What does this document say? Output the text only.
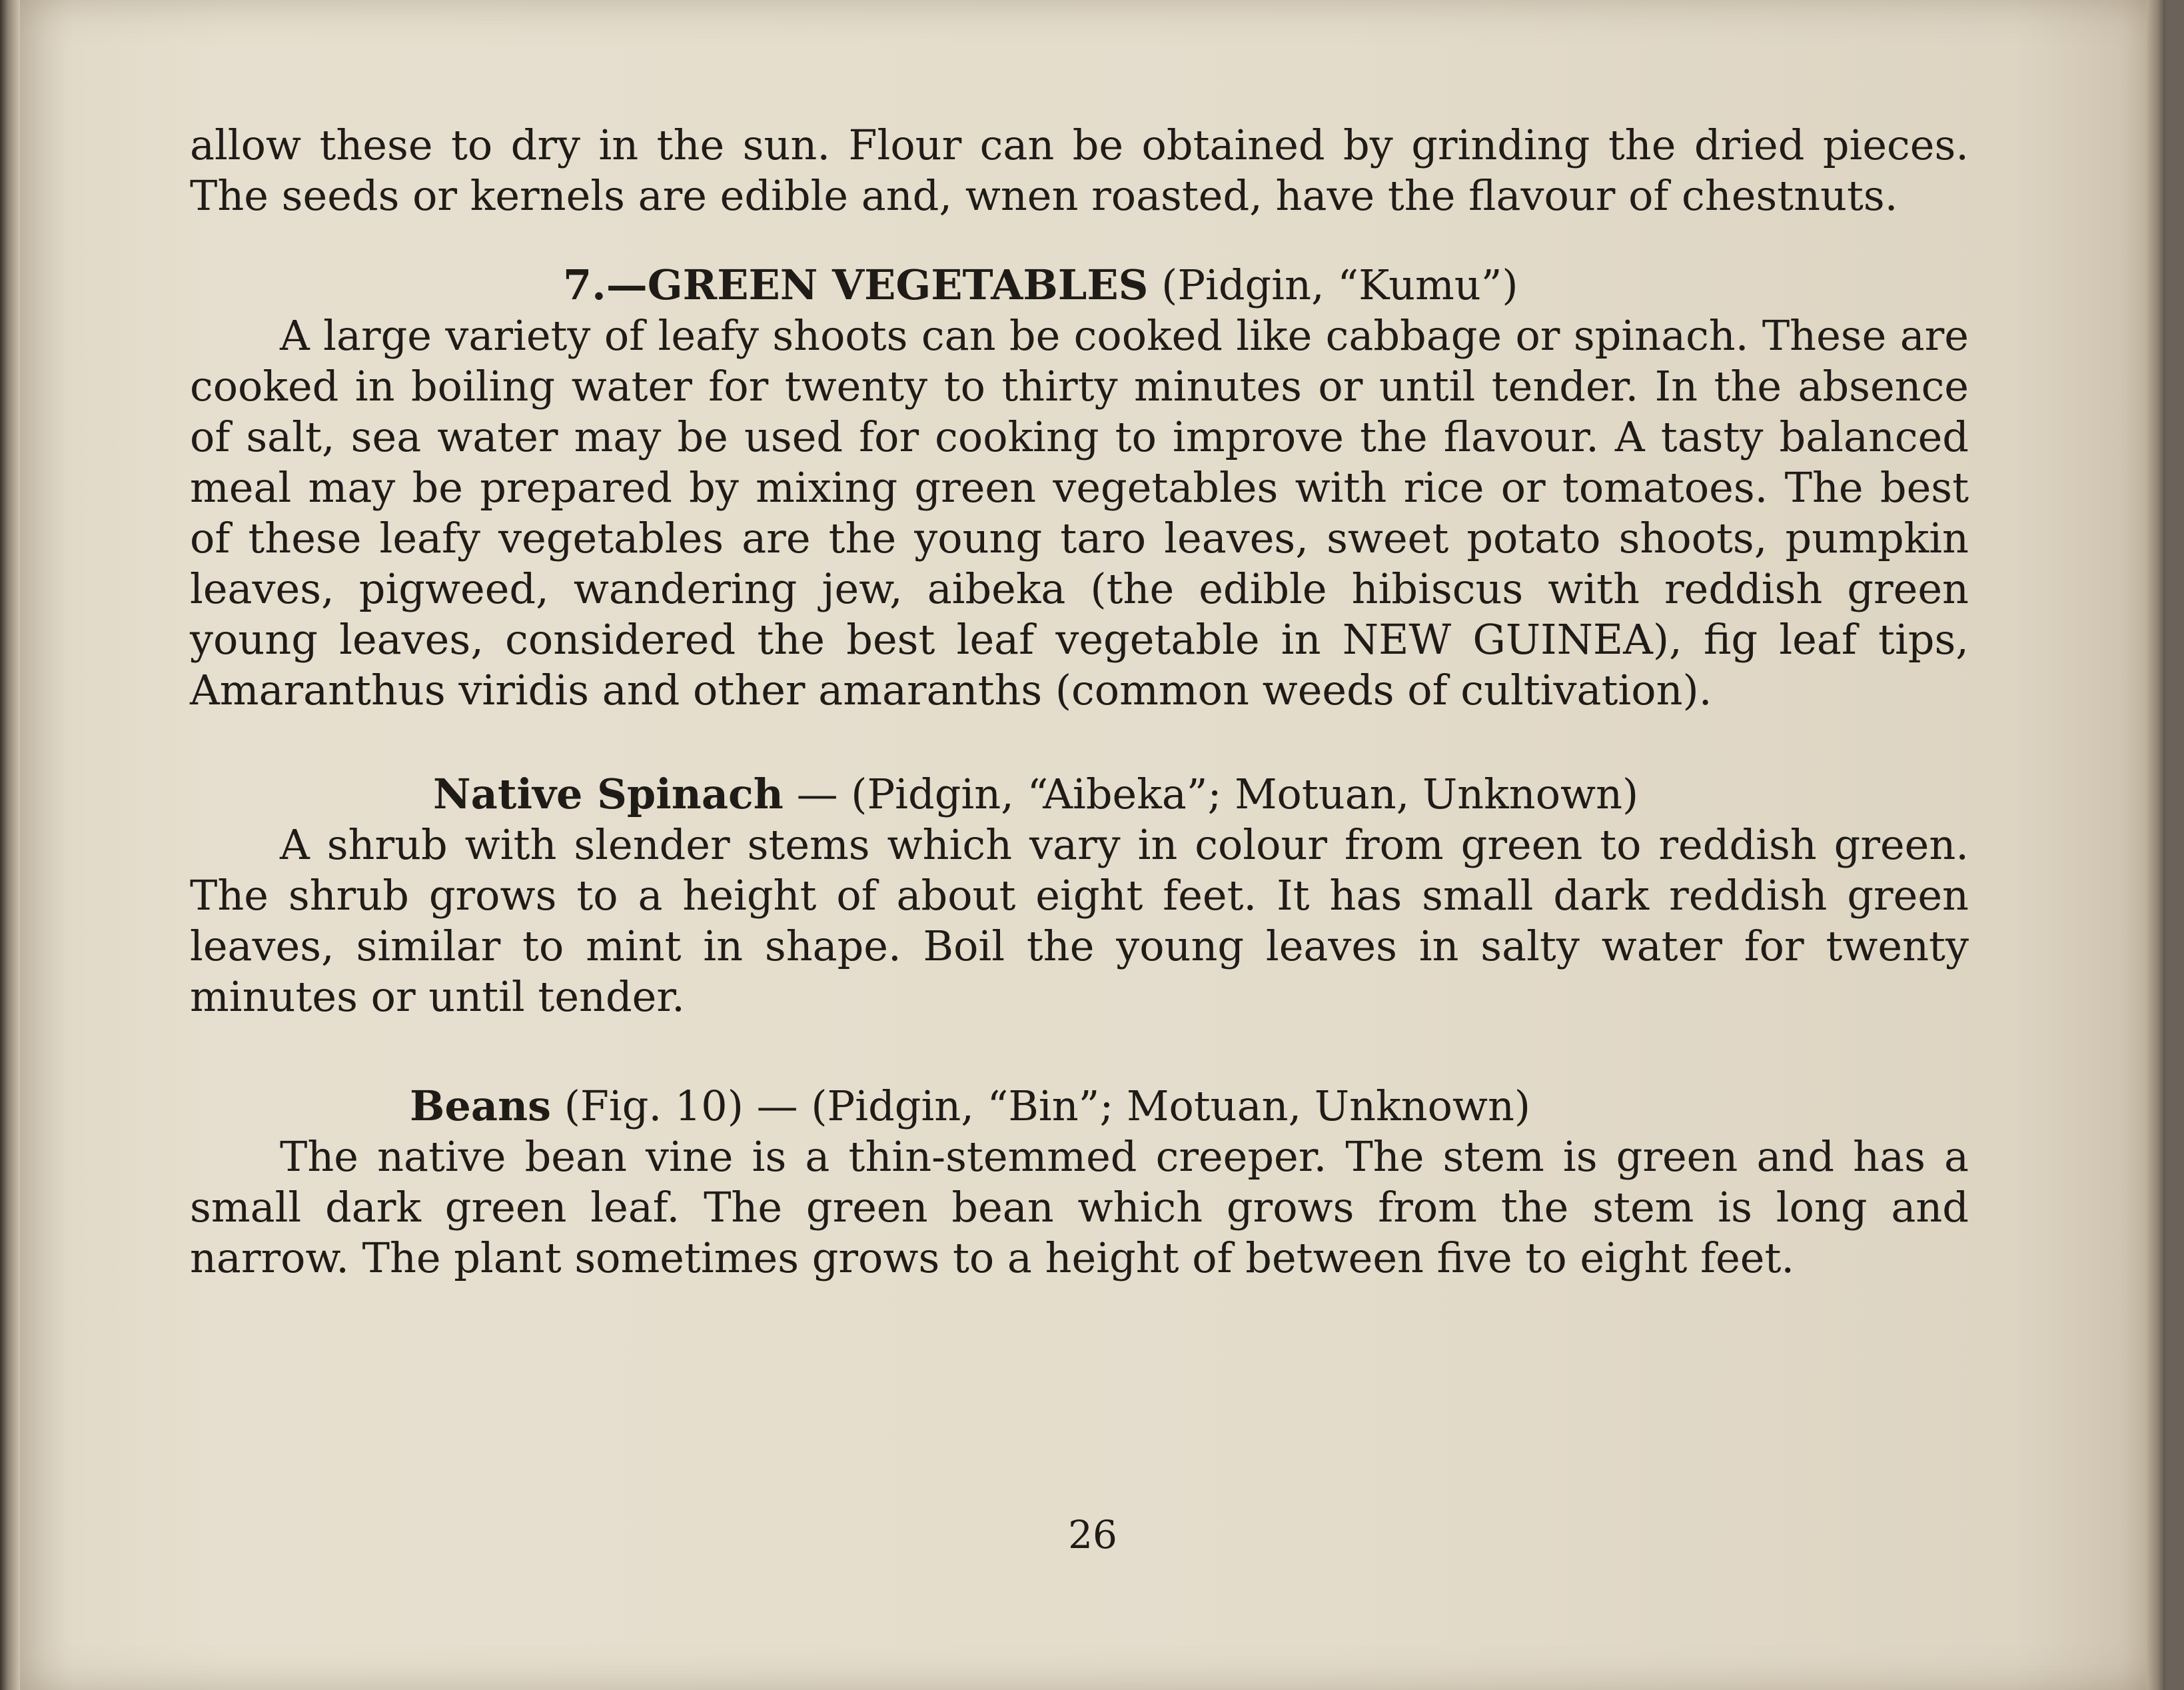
allow these to dry in the sun. Flour can be obtained by grinding the dried pieces. The seeds or kernels are edible and, wnen roasted, have the flavour of chestnuts.

7.—GREEN VEGETABLES (Pidgin, “Kumu”)

A large variety of leafy shoots can be cooked like cabbage or spinach. These are cooked in boiling water for twenty to thirty minutes or until tender. In the absence of salt, sea water may be used for cooking to improve the flavour. A tasty balanced meal may be prepared by mixing green vegetables with rice or tomatoes. The best of these leafy vegetables are the young taro leaves, sweet potato shoots, pumpkin leaves, pigweed, wandering jew, aibeka (the edible hibiscus with reddish green young leaves, considered the best leaf vegetable in NEW GUINEA), fig leaf tips, Amaranthus viridis and other amaranths (common weeds of cultivation).

Native Spinach — (Pidgin, “Aibeka”; Motuan, Unknown)

A shrub with slender stems which vary in colour from green to reddish green. The shrub grows to a height of about eight feet. It has small dark reddish green leaves, similar to mint in shape. Boil the young leaves in salty water for twenty minutes or until tender.

Beans (Fig. 10) — (Pidgin, “Bin”; Motuan, Unknown)

The native bean vine is a thin-stemmed creeper. The stem is green and has a small dark green leaf. The green bean which grows from the stem is long and narrow. The plant sometimes grows to a height of between five to eight feet.

26
